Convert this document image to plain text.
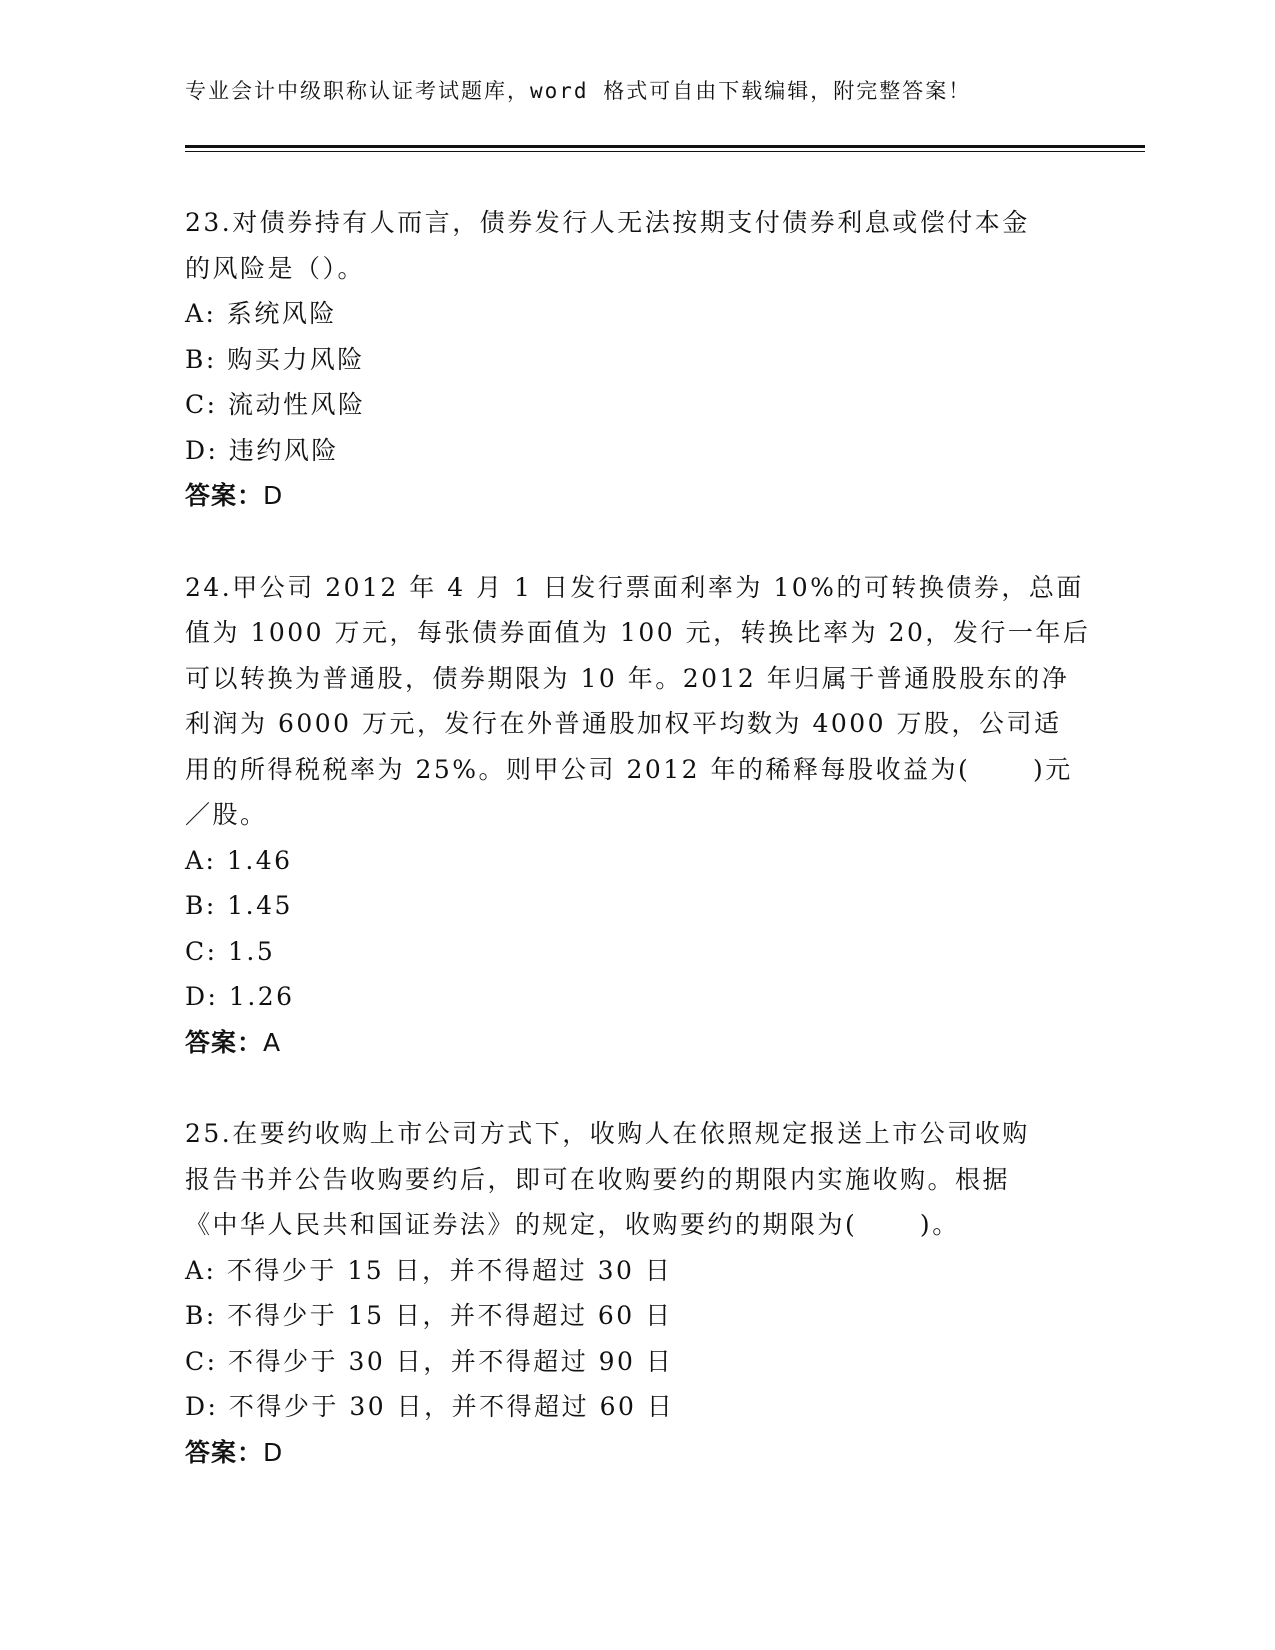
专业会计中级职称认证考试题库，word 格式可自由下载编辑，附完整答案！

23.对债券持有人而言，债券发行人无法按期支付债券利息或偿付本金

的风险是（）。

A: 系统风险

B: 购买力风险

C: 流动性风险

D: 违约风险

答案：D

24.甲公司 2012 年 4 月 1 日发行票面利率为 10%的可转换债券，总面

值为 1000 万元，每张债券面值为 100 元，转换比率为 20，发行一年后

可以转换为普通股，债券期限为 10 年。2012 年归属于普通股股东的净

利润为 6000 万元，发行在外普通股加权平均数为 4000 万股，公司适

用的所得税税率为 25%。则甲公司 2012 年的稀释每股收益为(      )元

／股。

A: 1.46

B: 1.45

C: 1.5

D: 1.26

答案：A

25.在要约收购上市公司方式下，收购人在依照规定报送上市公司收购

报告书并公告收购要约后，即可在收购要约的期限内实施收购。根据

《中华人民共和国证券法》的规定，收购要约的期限为(      )。

A: 不得少于 15 日，并不得超过 30 日

B: 不得少于 15 日，并不得超过 60 日

C: 不得少于 30 日，并不得超过 90 日

D: 不得少于 30 日，并不得超过 60 日

答案：D
